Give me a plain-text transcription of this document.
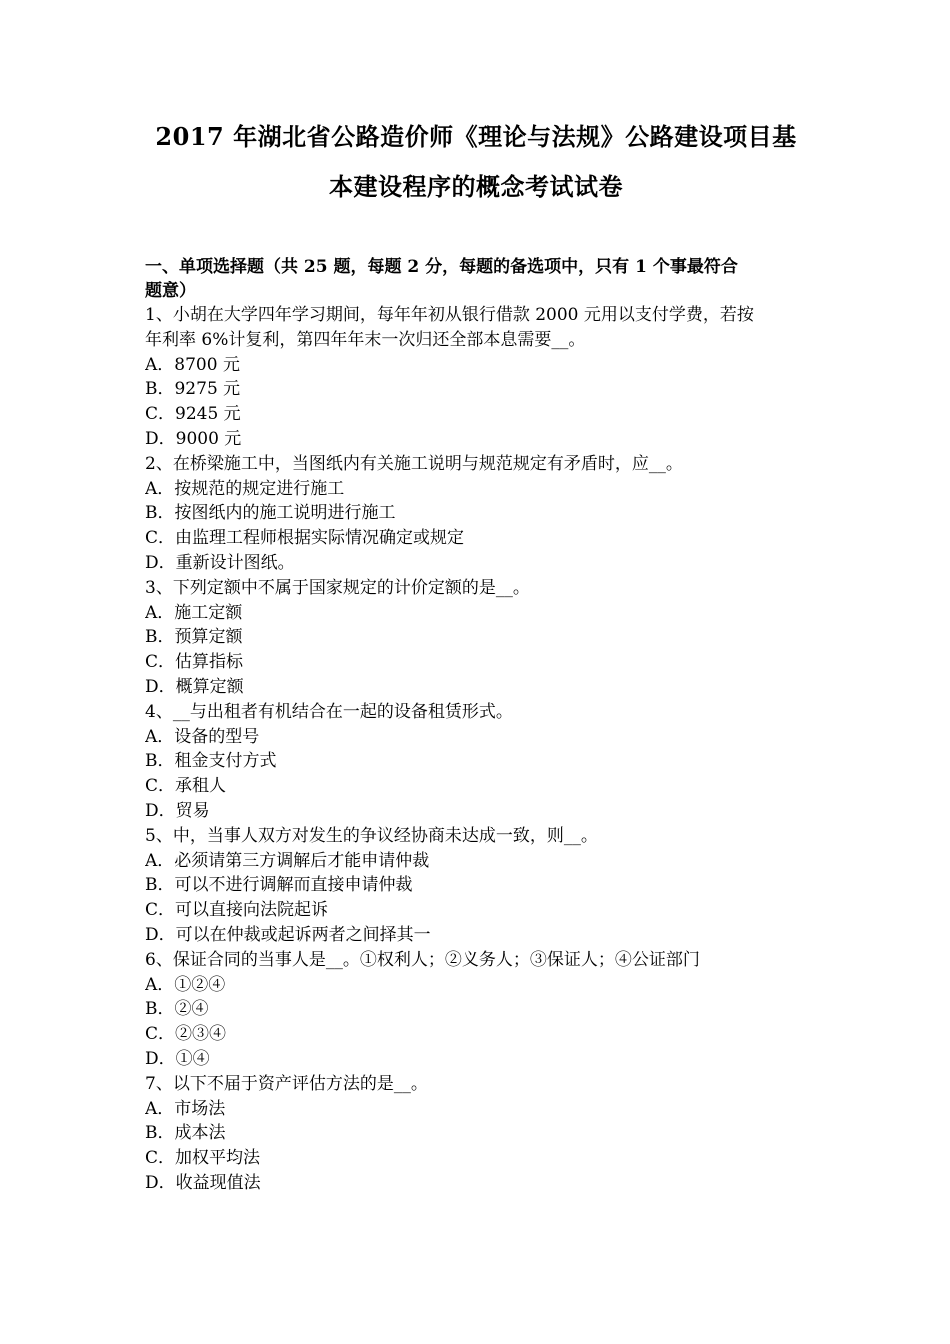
2017 年湖北省公路造价师《理论与法规》公路建设项目基
本建设程序的概念考试试卷
一、单项选择题（共 25 题，每题 2 分，每题的备选项中，只有 1 个事最符合
题意）
1、小胡在大学四年学习期间，每年年初从银行借款 2000 元用以支付学费，若按
年利率 6%计复利，第四年年末一次归还全部本息需要__。
A．8700 元
B．9275 元
C．9245 元
D．9000 元
2、在桥梁施工中，当图纸内有关施工说明与规范规定有矛盾时，应__。
A．按规范的规定进行施工
B．按图纸内的施工说明进行施工
C．由监理工程师根据实际情况确定或规定
D．重新设计图纸。
3、下列定额中不属于国家规定的计价定额的是__。
A．施工定额
B．预算定额
C．估算指标
D．概算定额
4、__与出租者有机结合在一起的设备租赁形式。
A．设备的型号
B．租金支付方式
C．承租人
D．贸易
5、中，当事人双方对发生的争议经协商未达成一致，则__。
A．必须请第三方调解后才能申请仲裁
B．可以不进行调解而直接申请仲裁
C．可以直接向法院起诉
D．可以在仲裁或起诉两者之间择其一
6、保证合同的当事人是__。①权利人；②义务人；③保证人；④公证部门
A．①②④
B．②④
C．②③④
D．①④
7、以下不届于资产评估方法的是__。
A．市场法
B．成本法
C．加权平均法
D．收益现值法
